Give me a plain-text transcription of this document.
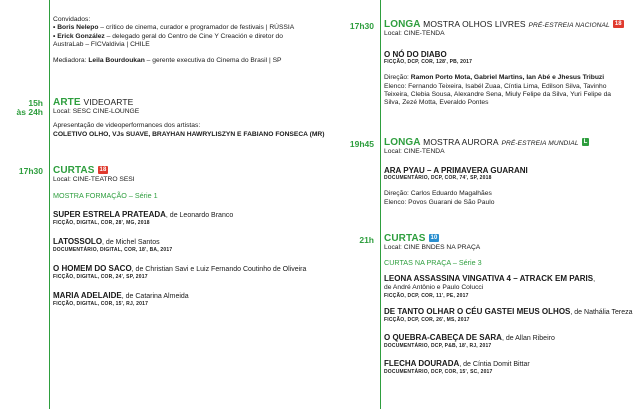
Convidados:
• Boris Nelepo – crítico de cinema, curador e programador de festivais | RÚSSIA
• Erick González – delegado geral do Centro de Cine Y Creación e diretor do
AustraLab – FICValdivia | CHILE
Mediadora: Leila Bourdoukan – gerente executiva do Cinema do Brasil | SP
15h
às 24h
ARTE VIDEOARTE
Local: SESC CINE-LOUNGE
Apresentação de videoperformances dos artistas:
COLETIVO OLHO, VJs SUAVE, BRAYHAN HAWRYLISZYN E FABIANO FONSECA (MR)
17h30 CURTAS 18
Local: CINE-TEATRO SESI
MOSTRA FORMAÇÃO – Série 1
SUPER ESTRELA PRATEADA, de Leonardo Branco
FICÇÃO, DIGITAL, COR, 28', MG, 2018
LATOSSOLO, de Michel Santos
DOCUMENTÁRIO, DIGITAL, COR, 18', BA, 2017
O HOMEM DO SACO, de Christian Savi e Luiz Fernando Coutinho de Oliveira
FICÇÃO, DIGITAL, COR, 24', SP, 2017
MARIA ADELAIDE, de Catarina Almeida
FICÇÃO, DIGITAL, COR, 15', RJ, 2017
17h30 LONGA MOSTRA OLHOS LIVRES PRÉ-ESTREIA NACIONAL 18
Local: CINE-TENDA
O NÓ DO DIABO
FICÇÃO, DCP, COR, 128', PB, 2017
Direção: Ramon Porto Mota, Gabriel Martins, Ian Abé e Jhesus Tribuzi
Elenco: Fernando Teixeira, Isabél Zuaa, Cíntia Lima, Edilson Silva, Tavinho Teixeira, Clebia Sousa, Alexandre Sena, Miuly Felipe da Silva, Yuri Felipe da Silva, Zezé Motta, Everaldo Pontes
19h45 LONGA MOSTRA AURORA PRÉ-ESTREIA MUNDIAL L
Local: CINE-TENDA
ARA PYAU – A PRIMAVERA GUARANI
DOCUMENTÁRIO, DCP, COR, 74', SP, 2018
Direção: Carlos Eduardo Magalhães
Elenco: Povos Guarani de São Paulo
21h CURTAS 10
Local: CINE BNDES NA PRAÇA
CURTAS NA PRAÇA – Série 3
LEONA ASSASSINA VINGATIVA 4 – ATRACK EM PARIS,
de André Antônio e Paulo Colucci
FICÇÃO, DCP, COR, 11', PE, 2017
DE TANTO OLHAR O CÉU GASTEI MEUS OLHOS, de Nathália Tereza
FICÇÃO, DCP, COR, 26', MS, 2017
O QUEBRA-CABEÇA DE SARA, de Allan Ribeiro
DOCUMENTÁRIO, DCP, P&B, 18', RJ, 2017
FLECHA DOURADA, de Cíntia Domit Bittar
DOCUMENTÁRIO, DCP, COR, 15', SC, 2017
